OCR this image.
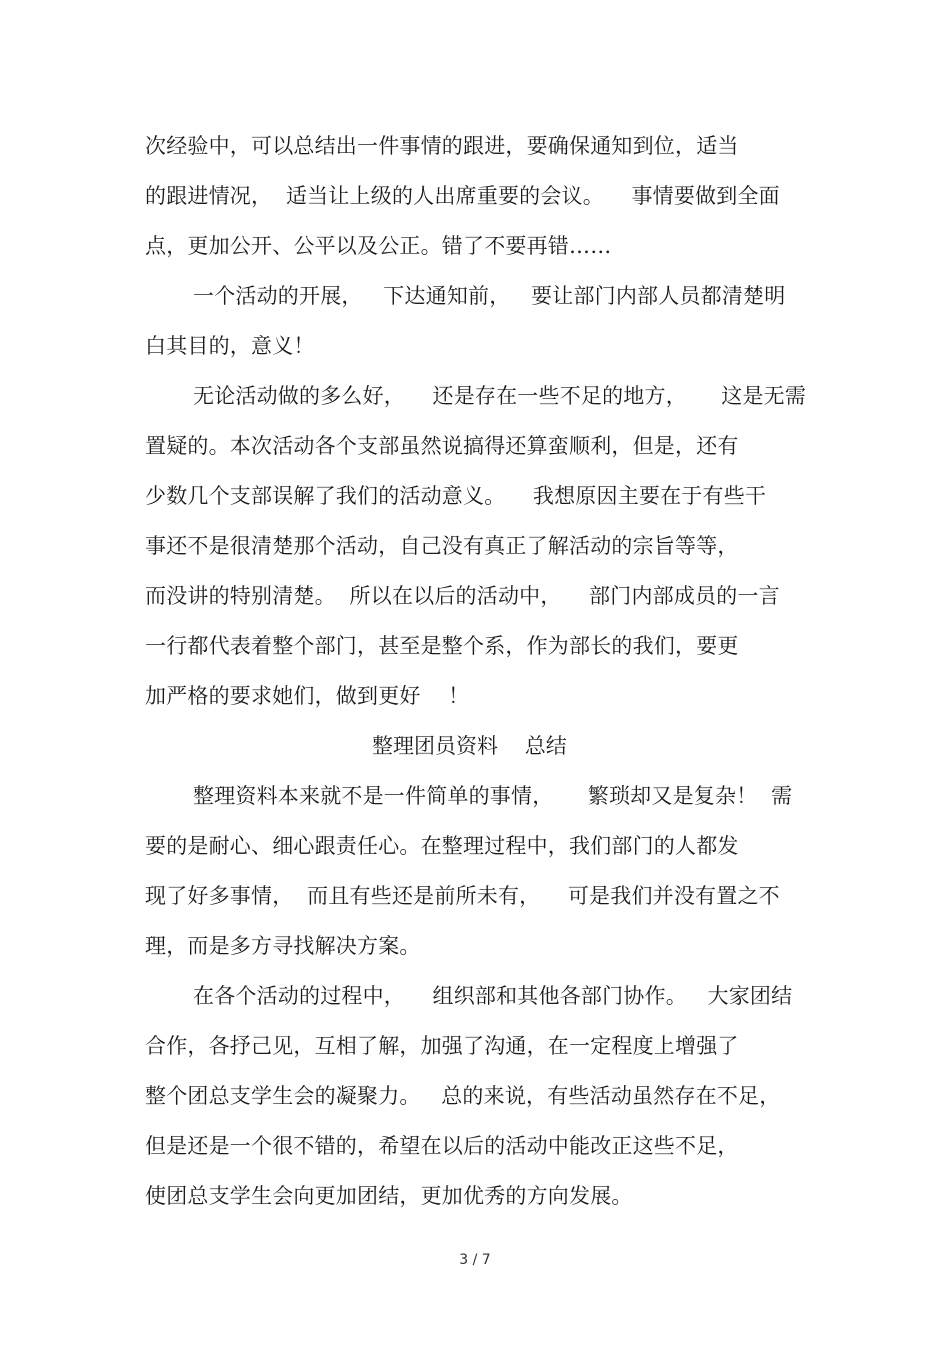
次经验中，可以总结出一件事情的跟进，要确保通知到位，适当
的跟进情况，  适当让上级的人出席重要的会议。    事情要做到全面
点，更加公开、公平以及公正。错了不要再错……
一个活动的开展，   下达通知前，   要让部门内部人员都清楚明
白其目的，意义！
无论活动做的多么好，    还是存在一些不足的地方，     这是无需
置疑的。本次活动各个支部虽然说搞得还算蛮顺利，但是，还有
少数几个支部误解了我们的活动意义。    我想原因主要在于有些干
事还不是很清楚那个活动，自己没有真正了解活动的宗旨等等，
而没讲的特别清楚。  所以在以后的活动中，    部门内部成员的一言
一行都代表着整个部门，甚至是整个系，作为部长的我们，要更
加严格的要求她们，做到更好    ！
整理团员资料    总结
整理资料本来就不是一件简单的事情，     繁琐却又是复杂！  需
要的是耐心、细心跟责任心。在整理过程中，我们部门的人都发
现了好多事情，  而且有些还是前所未有，    可是我们并没有置之不
理，而是多方寻找解决方案。
在各个活动的过程中，    组织部和其他各部门协作。   大家团结
合作，各抒己见，互相了解，加强了沟通，在一定程度上增强了
整个团总支学生会的凝聚力。   总的来说，有些活动虽然存在不足，
但是还是一个很不错的，希望在以后的活动中能改正这些不足，
使团总支学生会向更加团结，更加优秀的方向发展。
3 / 7
